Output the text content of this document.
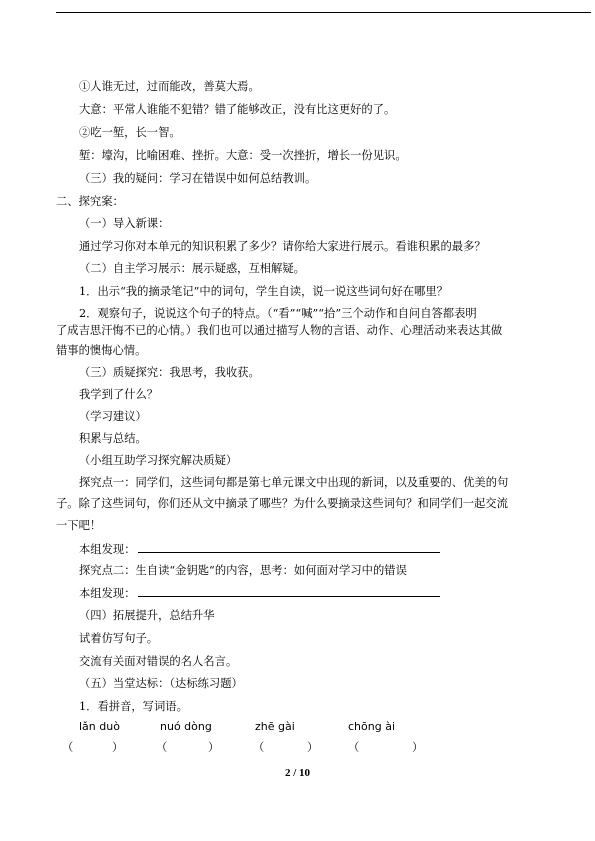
①人谁无过，过而能改，善莫大焉。
大意：平常人谁能不犯错？错了能够改正，没有比这更好的了。
②吃一堑，长一智。
堑：壕沟，比喻困难、挫折。大意：受一次挫折，增长一份见识。
（三）我的疑问：学习在错误中如何总结教训。
二、探究案：
（一）导入新课：
通过学习你对本单元的知识积累了多少？请你给大家进行展示。看谁积累的最多？
（二）自主学习展示：展示疑惑，互相解疑。
1．出示“我的摘录笔记”中的词句，学生自读，说一说这些词句好在哪里？
2．观察句子，说说这个句子的特点。（“看”“喊”“拾”三个动作和自问自答都表明
了成吉思汗悔不已的心情。）我们也可以通过描写人物的言语、动作、心理活动来表达其做
错事的懊悔心情。
（三）质疑探究：我思考，我收获。
我学到了什么？
（学习建议）
积累与总结。
（小组互助学习探究解决质疑）
探究点一：同学们，这些词句都是第七单元课文中出现的新词，以及重要的、优美的句
子。除了这些词句，你们还从文中摘录了哪些？为什么要摘录这些词句？和同学们一起交流
一下吧！
本组发现：
探究点二：生自读“金钥匙“的内容，思考：如何面对学习中的错误
本组发现：
（四）拓展提升，总结升华
试着仿写句子。
交流有关面对错误的名人名言。
（五）当堂达标：（达标练习题）
1．看拼音，写词语。
lǎn duò	nuó dòng	zhē gài	chōng ài
（	）	（	）	（	）	（	）
2 / 10
